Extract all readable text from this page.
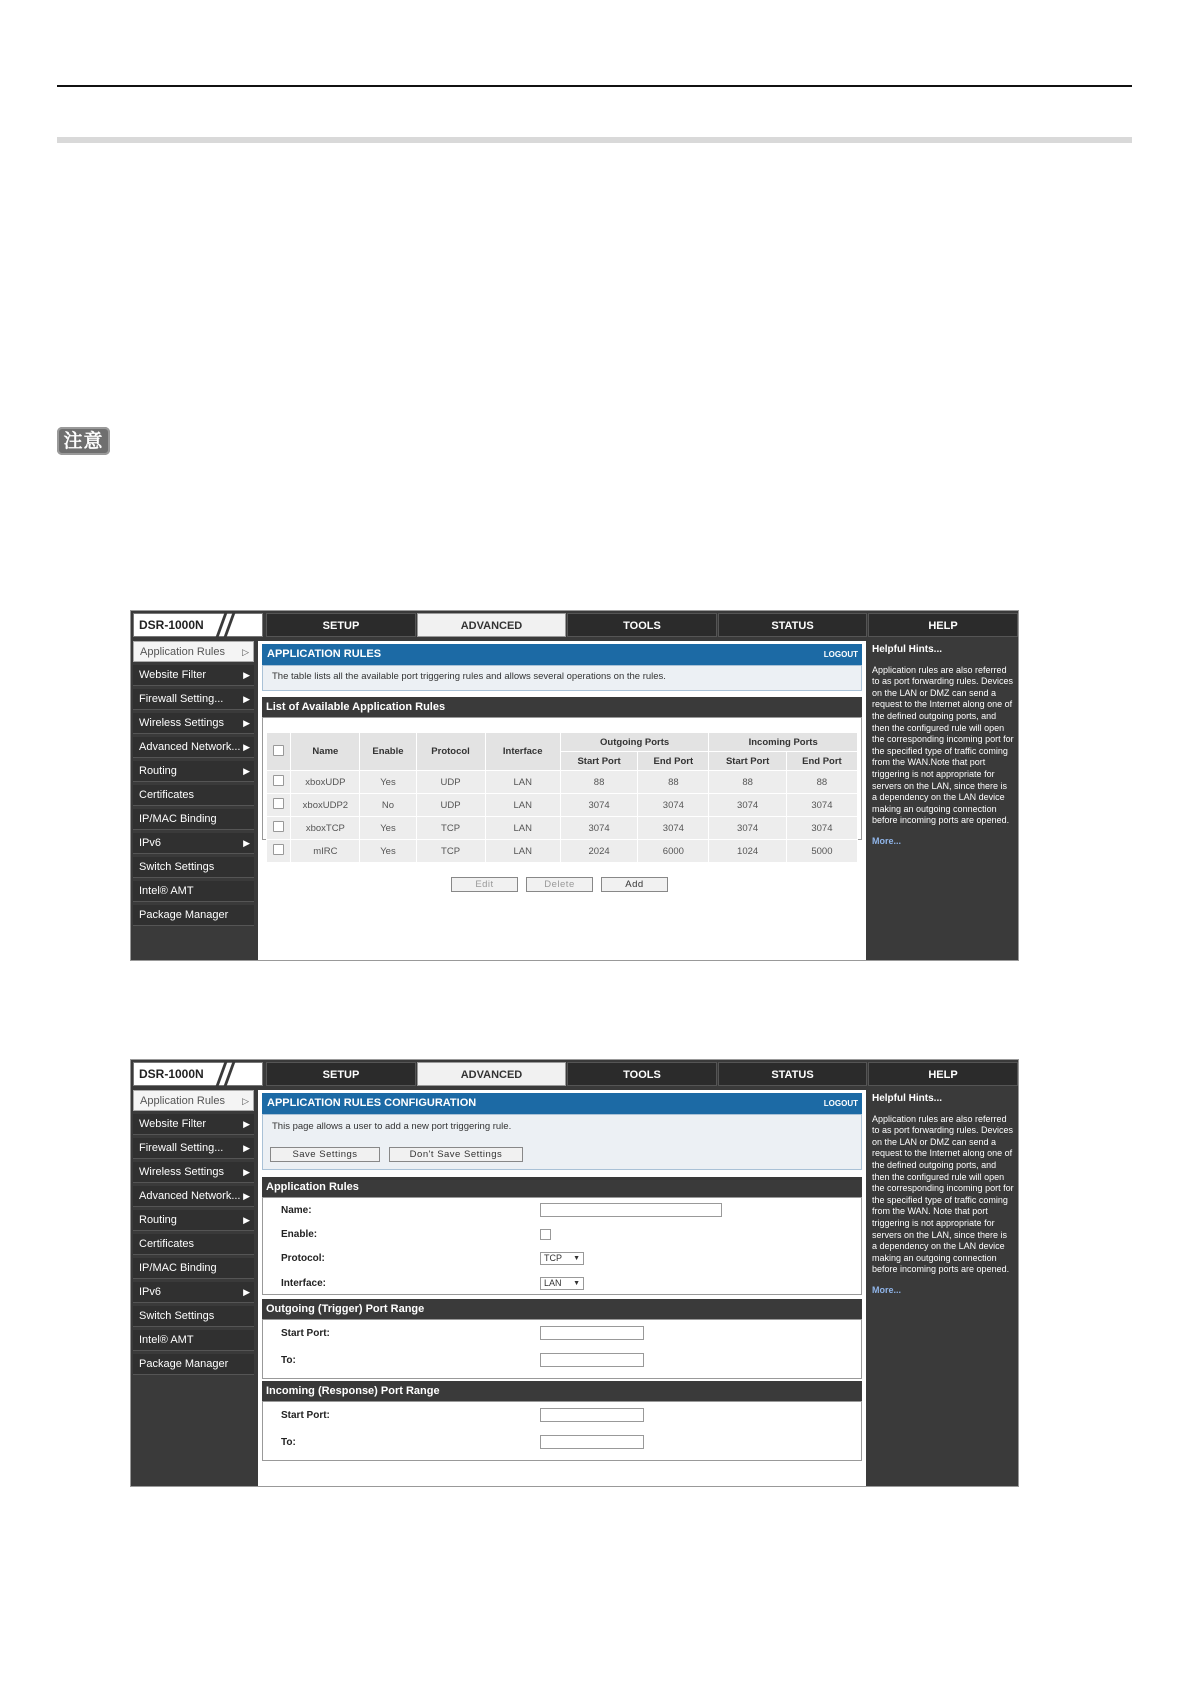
注意
DSR-1000N	SETUP	ADVANCED	TOOLS	STATUS	HELP
Application Rules ▷
Website Filter	▶
Firewall Setting... ▶
Wireless Settings ▶
Advanced Network... ▶
Routing	▶
Certificates
IP/MAC Binding
IPv6	▶
Switch Settings
Intel® AMT
Package Manager
APPLICATION RULES	LOGOUT
The table lists all the available port triggering rules and allows several operations on the rules.
List of Available Application Rules
	Name	Enable	Protocol	Interface	Outgoing Ports		Incoming Ports	
					Start Port	End Port	Start Port	End Port
	xboxUDP	Yes	UDP	LAN	88	88	88	88
	xboxUDP2	No	UDP	LAN	3074	3074	3074	3074
	xboxTCP	Yes	TCP	LAN	3074	3074	3074	3074
	mIRC	Yes	TCP	LAN	2024	6000	1024	5000
Edit	Delete	Add
Helpful Hints...
Application rules are also referred to as port forwarding rules. Devices on the LAN or DMZ can send a request to the Internet along one of the defined outgoing ports, and then the configured rule will open the corresponding incoming port for the specified type of traffic coming from the WAN.Note that port triggering is not appropriate for servers on the LAN, since there is a dependency on the LAN device making an outgoing connection before incoming ports are opened.
More...
DSR-1000N	SETUP	ADVANCED	TOOLS	STATUS	HELP
Application Rules ▷
Website Filter	▶
Firewall Setting... ▶
Wireless Settings ▶
Advanced Network... ▶
Routing	▶
Certificates
IP/MAC Binding
IPv6	▶
Switch Settings
Intel® AMT
Package Manager
APPLICATION RULES CONFIGURATION	LOGOUT
This page allows a user to add a new port triggering rule.
Save Settings	Don't Save Settings
Application Rules
Name:
Enable:
Protocol:	TCP ▼
Interface:	LAN ▼
Outgoing (Trigger) Port Range
Start Port:
To:
Incoming (Response) Port Range
Start Port:
To:
Helpful Hints...
Application rules are also referred to as port forwarding rules. Devices on the LAN or DMZ can send a request to the Internet along one of the defined outgoing ports, and then the configured rule will open the corresponding incoming port for the specified type of traffic coming from the WAN. Note that port triggering is not appropriate for servers on the LAN, since there is a dependency on the LAN device making an outgoing connection before incoming ports are opened.
More...
